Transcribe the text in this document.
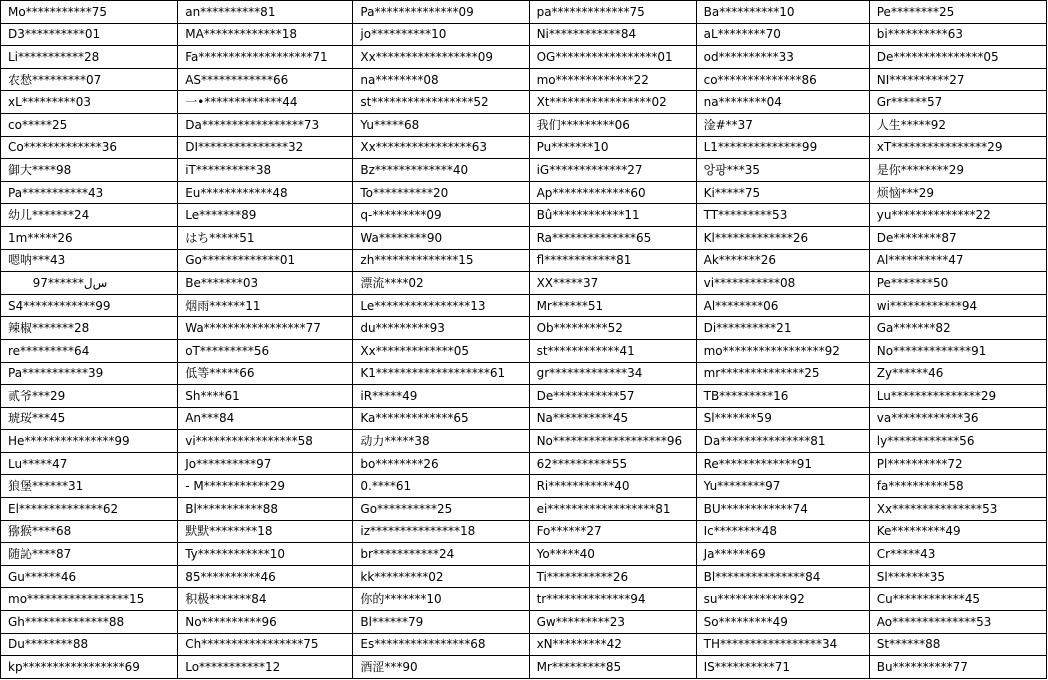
Mo***********75	an**********81	Pa**************09	pa*************75	Ba**********10	Pe********25
D3**********01	MA*************18	jo**********10	Ni************84	aL********70	bi**********63
Li***********28	Fa*******************71	Xx*****************09	OG*****************01	od**********33	De***************05
农愁*********07	AS************66	na********08	mo*************22	co**************86	NI**********27
xL*********03	一•*************44	st*****************52	Xt*****************02	na********04	Gr******57
co*****25	Da*****************73	Yu*****68	我们*********06	淦#**37	人生*****92
Co*************36	DI***************32	Xx****************63	Pu*******10	L1**************99	xT****************29
御大****98	iT**********38	Bz*************40	iG*************27	앙팡***35	是你********29
Pa***********43	Eu************48	To**********20	Ap*************60	Ki*****75	烦恼***29
幼儿*******24	Le*******89	q-*********09	Bû************11	TT*********53	yu**************22
1m*****26	はち*****51	Wa********90	Ra**************65	Kl*************26	De********87
嗯呐***43	Go*************01	zh**************15	fl************81	Ak*******26	Al**********47
ﺱﻝ******97	Be*******03	漂流****02	XX*****37	vi***********08	Pe*******50
S4************99	烟雨******11	Le****************13	Mr******51	Al********06	wi************94
辣椒*******28	Wa*****************77	du*********93	Ob*********52	Di**********21	Ga*******82
re*********64	oT*********56	Xx*************05	st************41	mo*****************92	No*************91
Pa***********39	低等*****66	K1*******************61	gr*************34	mr**************25	Zy******46
贰爷***29	Sh****61	iR*****49	De***********57	TB*********16	Lu***************29
琥珱***45	An***84	Ka*************65	Na**********45	Sl*******59	va************36
He***************99	vi*****************58	动力*****38	No*******************96	Da***************81	ly************56
Lu*****47	Jo**********97	bo********26	62**********55	Re*************91	Pl**********72
狼堡******31	- M***********29	0.****61	Ri***********40	Yu********97	fa**********58
El**************62	Bl***********88	Go**********25	ei******************81	BU************74	Xx***************53
猕猴****68	默默********18	iz***************18	Fo******27	Ic********48	Ke*********49
随訫****87	Ty************10	br***********24	Yo*****40	Ja******69	Cr*****43
Gu******46	85**********46	kk*********02	Ti***********26	Bl***************84	Sl*******35
mo*****************15	积极*******84	你的*******10	tr**************94	su************92	Cu************45
Gh**************88	No**********96	Bl******79	Gw*********23	So*********49	Ao**************53
Du********88	Ch*****************75	Es****************68	xN*********42	TH*****************34	St******88
kp*****************69	Lo***********12	酒涩***90	Mr*********85	IS**********71	Bu**********77
